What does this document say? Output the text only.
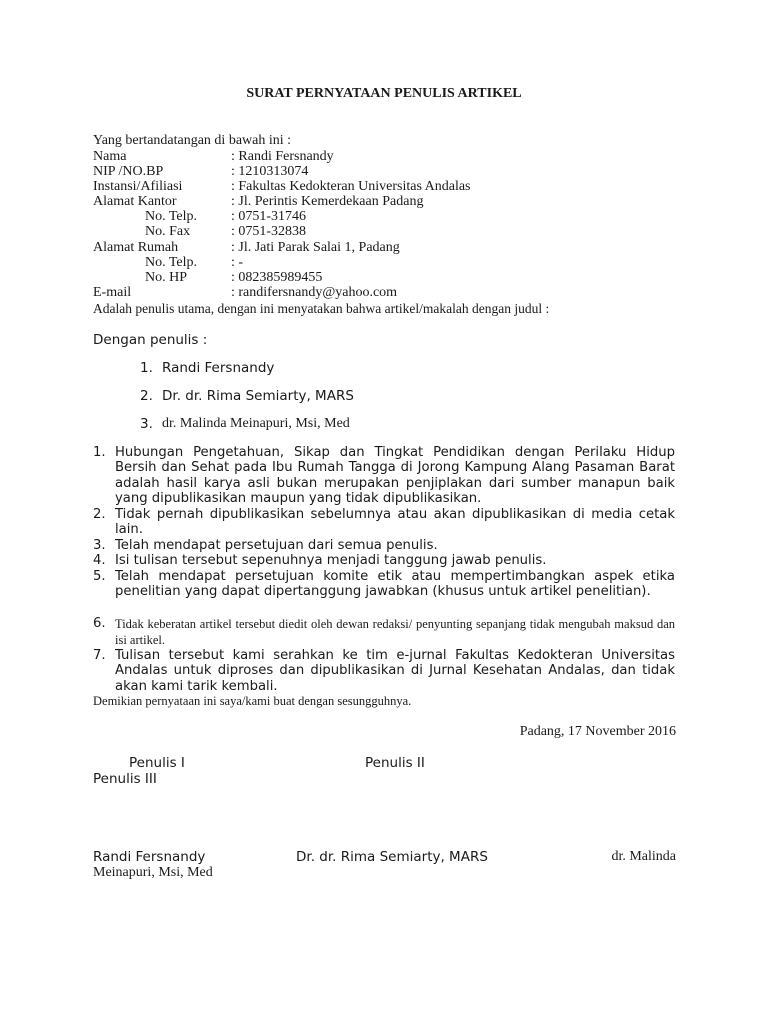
SURAT PERNYATAAN PENULIS ARTIKEL
Yang bertandatangan di bawah ini :
Nama	: Randi Fersnandy
NIP /NO.BP	: 1210313074
Instansi/Afiliasi	: Fakultas Kedokteran Universitas Andalas
Alamat Kantor	: Jl. Perintis Kemerdekaan Padang
No. Telp. : 0751-31746
No. Fax	: 0751-32838
Alamat Rumah	: Jl. Jati Parak Salai 1, Padang
No. Telp. : -
No. HP	: 082385989455
E-mail	: randifersnandy@yahoo.com
Adalah penulis utama, dengan ini menyatakan bahwa artikel/makalah dengan judul :
Dengan penulis :
1. Randi Fersnandy
2. Dr. dr. Rima Semiarty, MARS
3. dr. Malinda Meinapuri, Msi, Med
1. Hubungan Pengetahuan, Sikap dan Tingkat Pendidikan dengan Perilaku Hidup Bersih dan Sehat pada Ibu Rumah Tangga di Jorong Kampung Alang Pasaman Barat adalah hasil karya asli bukan merupakan penjiplakan dari sumber manapun baik yang dipublikasikan maupun yang tidak dipublikasikan.
2. Tidak pernah dipublikasikan sebelumnya atau akan dipublikasikan di media cetak lain.
3. Telah mendapat persetujuan dari semua penulis.
4. Isi tulisan tersebut sepenuhnya menjadi tanggung jawab penulis.
5. Telah mendapat persetujuan komite etik atau mempertimbangkan aspek etika penelitian yang dapat dipertanggung jawabkan (khusus untuk artikel penelitian).
6. Tidak keberatan artikel tersebut diedit oleh dewan redaksi/ penyunting sepanjang tidak mengubah maksud dan isi artikel.
7. Tulisan tersebut kami serahkan ke tim e-jurnal Fakultas Kedokteran Universitas Andalas untuk diproses dan dipublikasikan di Jurnal Kesehatan Andalas, dan tidak akan kami tarik kembali.
Demikian pernyataan ini saya/kami buat dengan sesungguhnya.
Padang, 17 November 2016
Penulis I	Penulis II
Penulis III
Randi Fersnandy	Dr. dr. Rima Semiarty, MARS	dr. Malinda
Meinapuri, Msi, Med
